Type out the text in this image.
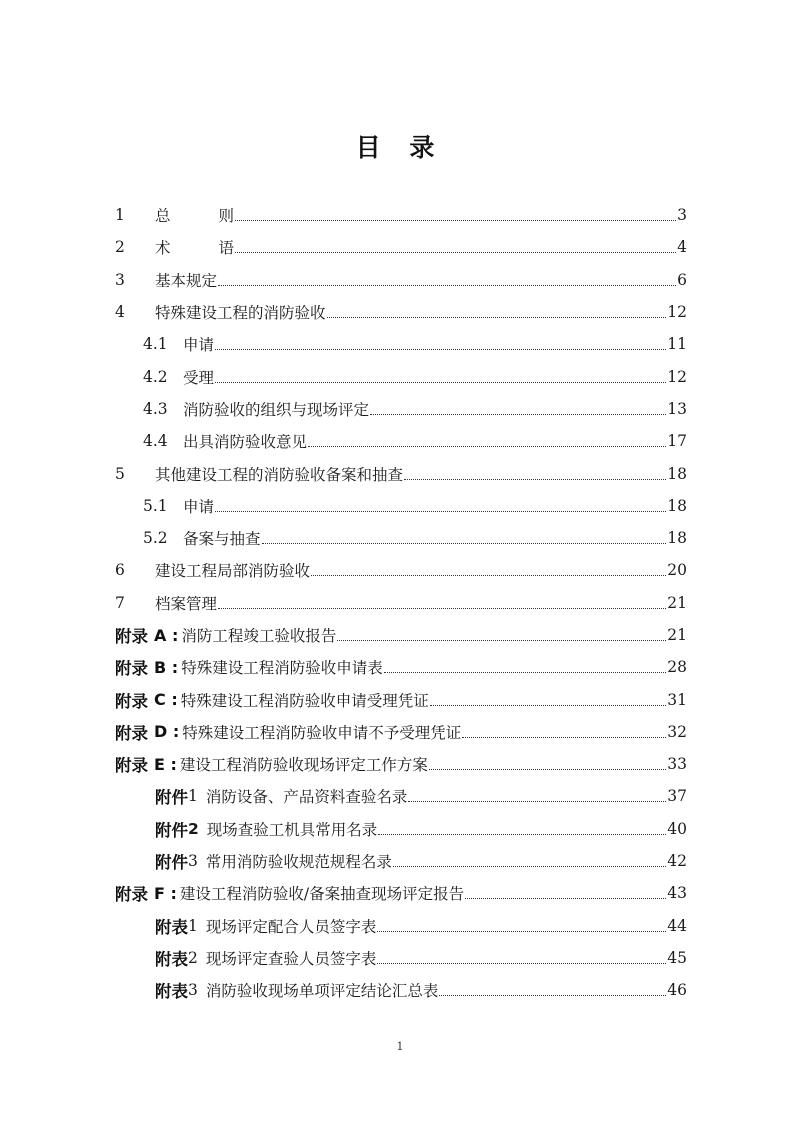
目 录
1	总	则	3
2	术	语	4
3	基本规定	6
4	特殊建设工程的消防验收	12
4.1 申请	11
4.2 受理	12
4.3 消防验收的组织与现场评定	13
4.4 出具消防验收意见	17
5	其他建设工程的消防验收备案和抽查	18
5.1 申请	18
5.2 备案与抽查	18
6	建设工程局部消防验收	20
7	档案管理	21
附录 A : 消防工程竣工验收报告	21
附录 B : 特殊建设工程消防验收申请表	28
附录 C : 特殊建设工程消防验收申请受理凭证	31
附录 D : 特殊建设工程消防验收申请不予受理凭证	32
附录 E : 建设工程消防验收现场评定工作方案	33
附件 1 消防设备、产品资料查验名录	37
附件 2 现场查验工机具常用名录	40
附件 3 常用消防验收规范规程名录	42
附录 F : 建设工程消防验收/备案抽查现场评定报告	43
附表 1 现场评定配合人员签字表	44
附表 2 现场评定查验人员签字表	45
附表 3 消防验收现场单项评定结论汇总表	46
1
